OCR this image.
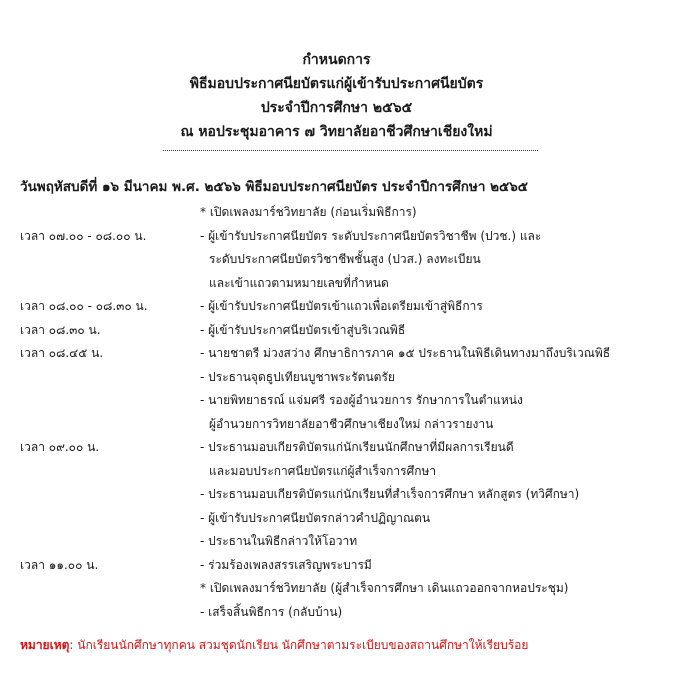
กำหนดการ
พิธีมอบประกาศนียบัตรแก่ผู้เข้ารับประกาศนียบัตร
ประจำปีการศึกษา ๒๕๖๕
ณ หอประชุมอาคาร ๗ วิทยาลัยอาชีวศึกษาเชียงใหม่
วันพฤหัสบดีที่ ๑๖ มีนาคม พ.ศ. ๒๕๖๖ พิธีมอบประกาศนียบัตร ประจำปีการศึกษา ๒๕๖๕
* เปิดเพลงมาร์ชวิทยาลัย (ก่อนเริ่มพิธีการ)
เวลา ๐๗.๐๐ - ๐๘.๐๐ น.	- ผู้เข้ารับประกาศนียบัตร ระดับประกาศนียบัตรวิชาชีพ (ปวช.) และ
ระดับประกาศนียบัตรวิชาชีพชั้นสูง (ปวส.) ลงทะเบียน
และเข้าแถวตามหมายเลขที่กำหนด
เวลา ๐๘.๐๐ - ๐๘.๓๐ น.	- ผู้เข้ารับประกาศนียบัตรเข้าแถวเพื่อเตรียมเข้าสู่พิธีการ
เวลา ๐๘.๓๐ น.	- ผู้เข้ารับประกาศนียบัตรเข้าสู่บริเวณพิธี
เวลา ๐๘.๔๕ น.	- นายชาตรี ม่วงสว่าง ศึกษาธิการภาค ๑๕ ประธานในพิธีเดินทางมาถึงบริเวณพิธี
- ประธานจุดธูปเทียนบูชาพระรัตนตรัย
- นายพิทยาธรณ์ แจ่มศรี รองผู้อำนวยการ รักษาการในตำแหน่ง
ผู้อำนวยการวิทยาลัยอาชีวศึกษาเชียงใหม่ กล่าวรายงาน
เวลา ๐๙.๐๐ น.	- ประธานมอบเกียรติบัตรแก่นักเรียนนักศึกษาที่มีผลการเรียนดี
และมอบประกาศนียบัตรแก่ผู้สำเร็จการศึกษา
- ประธานมอบเกียรติบัตรแก่นักเรียนที่สำเร็จการศึกษา หลักสูตร (ทวิศึกษา)
- ผู้เข้ารับประกาศนียบัตรกล่าวคำปฏิญาณตน
- ประธานในพิธีกล่าวให้โอวาท
เวลา ๑๑.๐๐ น.	- ร่วมร้องเพลงสรรเสริญพระบารมี
* เปิดเพลงมาร์ชวิทยาลัย (ผู้สำเร็จการศึกษา เดินแถวออกจากหอประชุม)
- เสร็จสิ้นพิธีการ (กลับบ้าน)
หมายเหตุ: นักเรียนนักศึกษาทุกคน สวมชุดนักเรียน นักศึกษาตามระเบียบของสถานศึกษาให้เรียบร้อย
